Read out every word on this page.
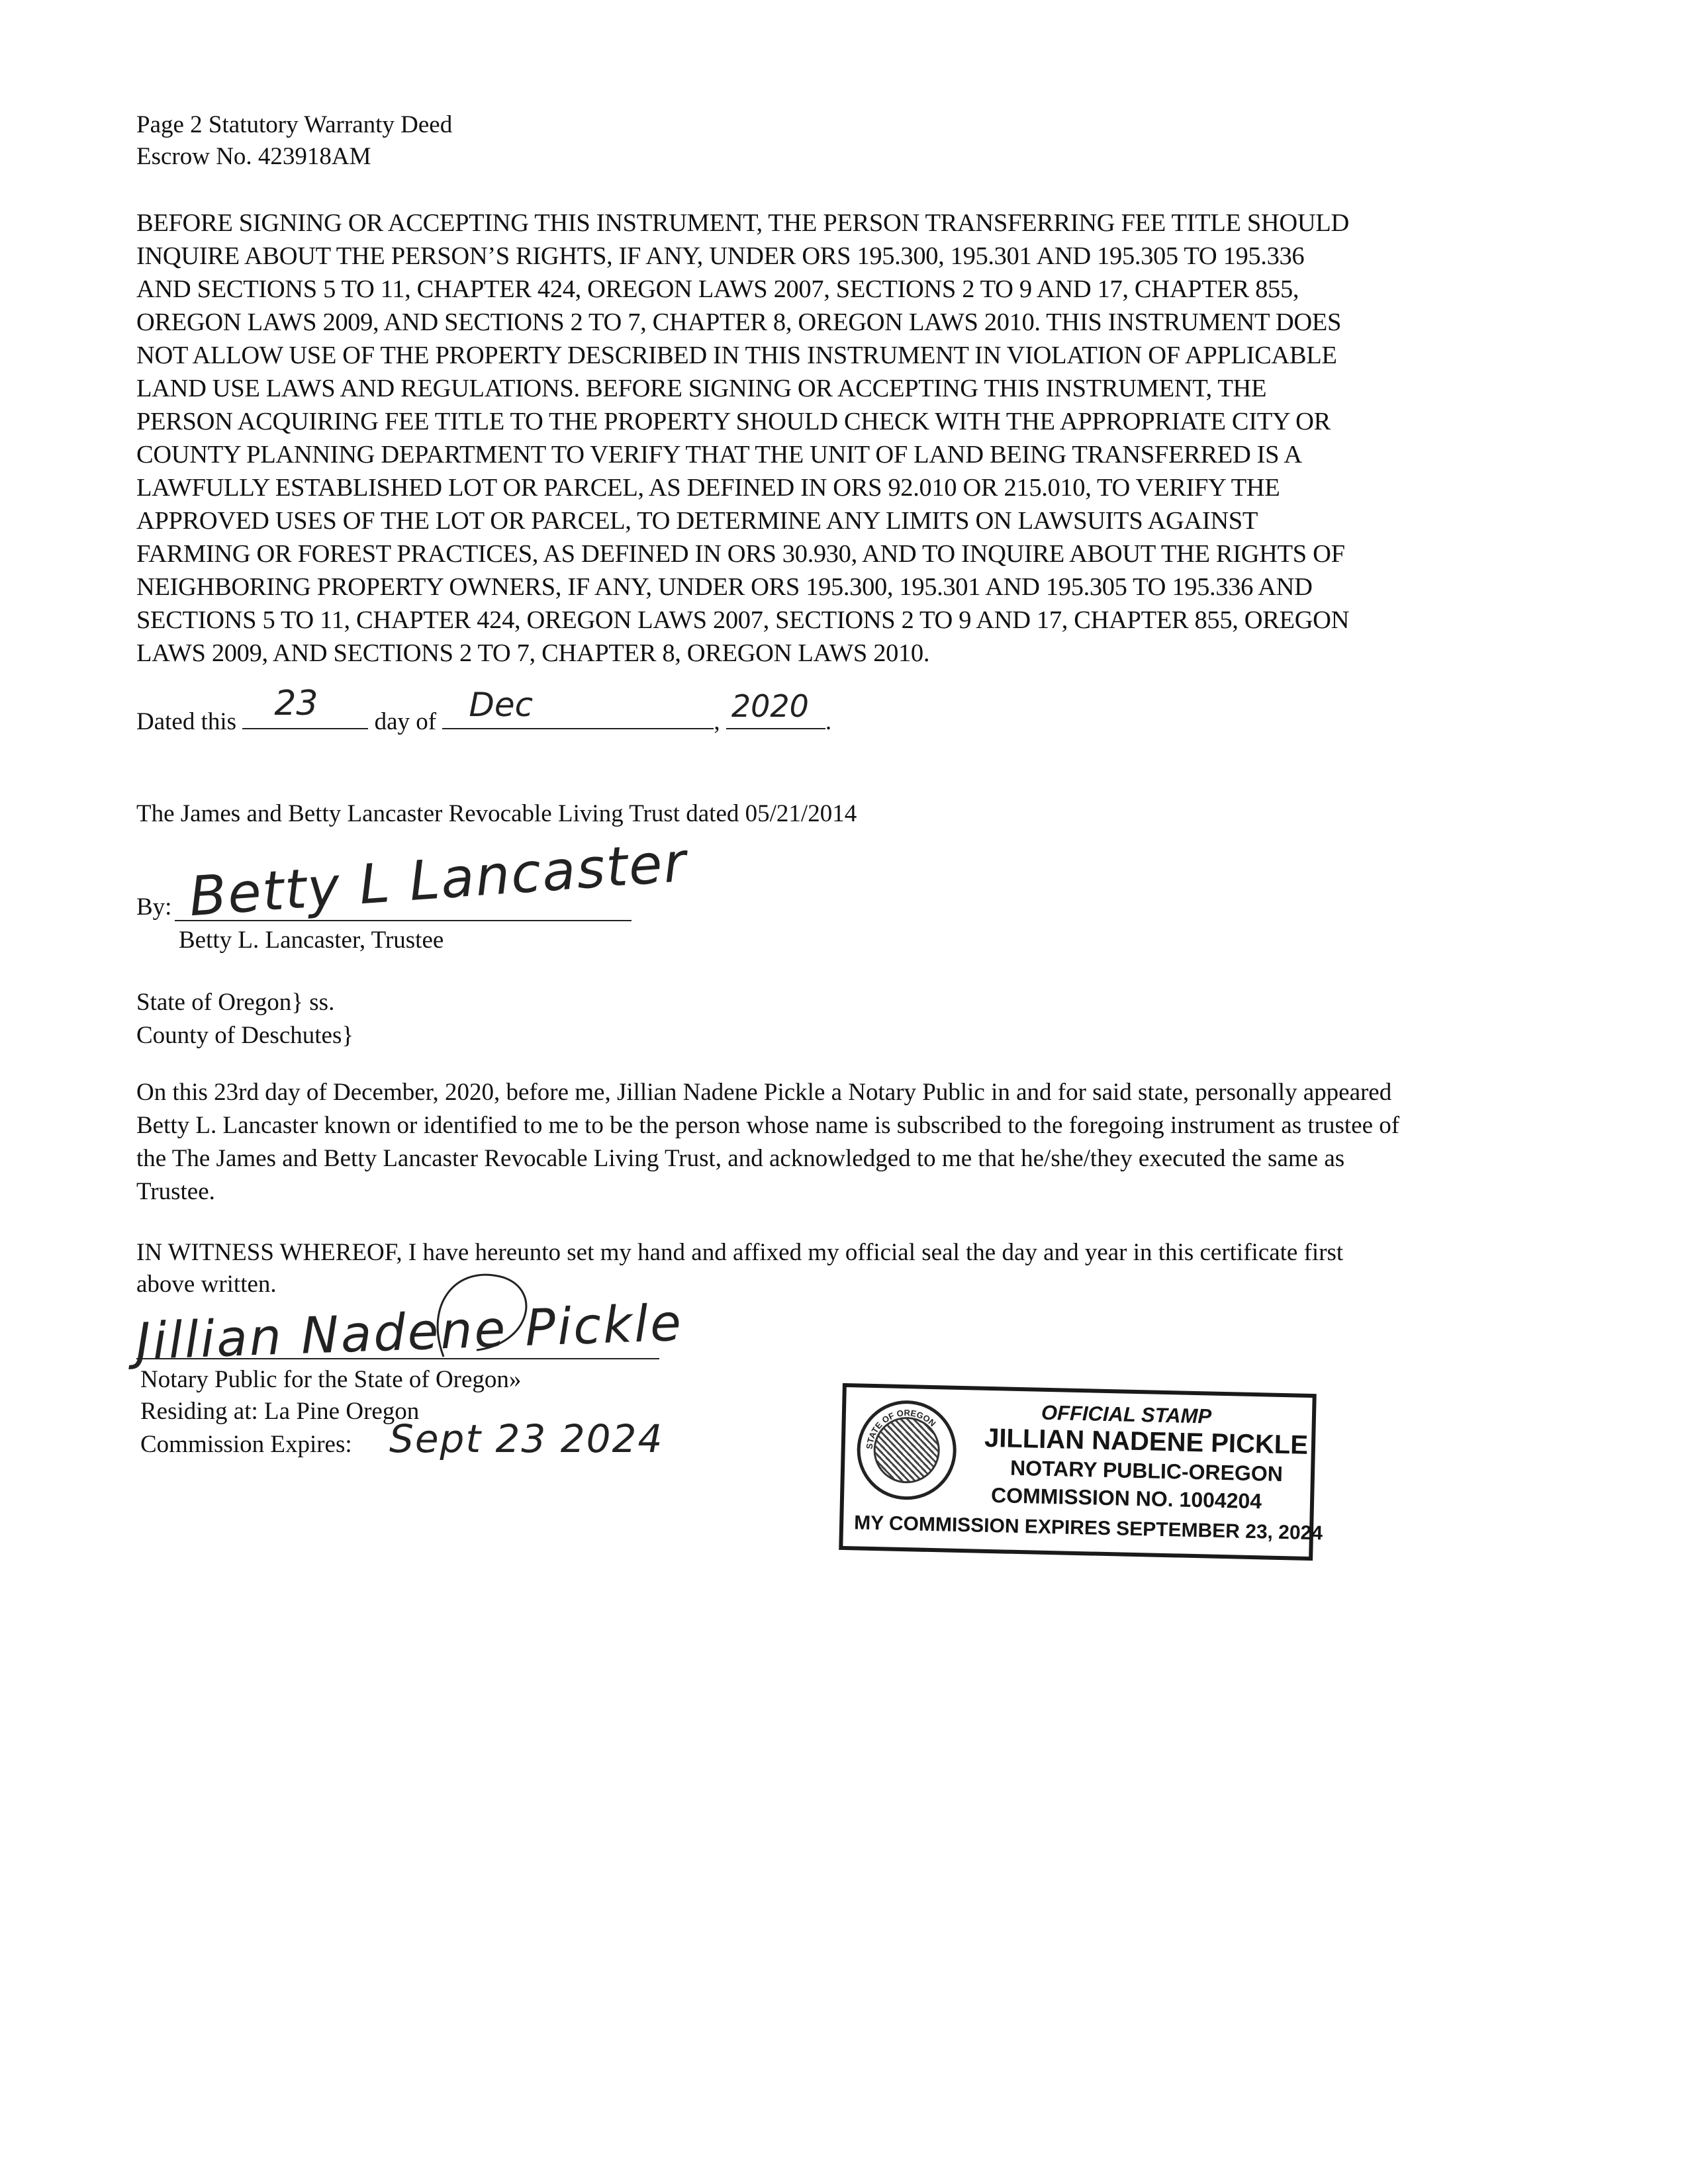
Page 2 Statutory Warranty Deed
Escrow No. 423918AM
BEFORE SIGNING OR ACCEPTING THIS INSTRUMENT, THE PERSON TRANSFERRING FEE TITLE SHOULD
INQUIRE ABOUT THE PERSON’S RIGHTS, IF ANY, UNDER ORS 195.300, 195.301 AND 195.305 TO 195.336
AND SECTIONS 5 TO 11, CHAPTER 424, OREGON LAWS 2007, SECTIONS 2 TO 9 AND 17, CHAPTER 855,
OREGON LAWS 2009, AND SECTIONS 2 TO 7, CHAPTER 8, OREGON LAWS 2010. THIS INSTRUMENT DOES
NOT ALLOW USE OF THE PROPERTY DESCRIBED IN THIS INSTRUMENT IN VIOLATION OF APPLICABLE
LAND USE LAWS AND REGULATIONS. BEFORE SIGNING OR ACCEPTING THIS INSTRUMENT, THE
PERSON ACQUIRING FEE TITLE TO THE PROPERTY SHOULD CHECK WITH THE APPROPRIATE CITY OR
COUNTY PLANNING DEPARTMENT TO VERIFY THAT THE UNIT OF LAND BEING TRANSFERRED IS A
LAWFULLY ESTABLISHED LOT OR PARCEL, AS DEFINED IN ORS 92.010 OR 215.010, TO VERIFY THE
APPROVED USES OF THE LOT OR PARCEL, TO DETERMINE ANY LIMITS ON LAWSUITS AGAINST
FARMING OR FOREST PRACTICES, AS DEFINED IN ORS 30.930, AND TO INQUIRE ABOUT THE RIGHTS OF
NEIGHBORING PROPERTY OWNERS, IF ANY, UNDER ORS 195.300, 195.301 AND 195.305 TO 195.336 AND
SECTIONS 5 TO 11, CHAPTER 424, OREGON LAWS 2007, SECTIONS 2 TO 9 AND 17, CHAPTER 855, OREGON
LAWS 2009, AND SECTIONS 2 TO 7, CHAPTER 8, OREGON LAWS 2010.
Dated this 23 day of Dec	, 2020 .
The James and Betty Lancaster Revocable Living Trust dated 05/21/2014
By: Betty L Lancaster
Betty L. Lancaster, Trustee
State of Oregon} ss.
County of Deschutes}
On this 23rd day of December, 2020, before me, Jillian Nadene Pickle a Notary Public in and for said state, personally appeared
Betty L. Lancaster known or identified to me to be the person whose name is subscribed to the foregoing instrument as trustee of
the The James and Betty Lancaster Revocable Living Trust, and acknowledged to me that he/she/they executed the same as
Trustee.
IN WITNESS WHEREOF, I have hereunto set my hand and affixed my official seal the day and year in this certificate first
above written.
Jillian Nadene Pickle
Notary Public for the State of Oregon»
Residing at: La Pine Oregon
Commission Expires: Sept 23 2024	STATE OF OREGON	OFFICIAL STAMP
JILLIAN NADENE PICKLE
NOTARY PUBLIC-OREGON
COMMISSION NO. 1004204
MY COMMISSION EXPIRES SEPTEMBER 23, 2024
